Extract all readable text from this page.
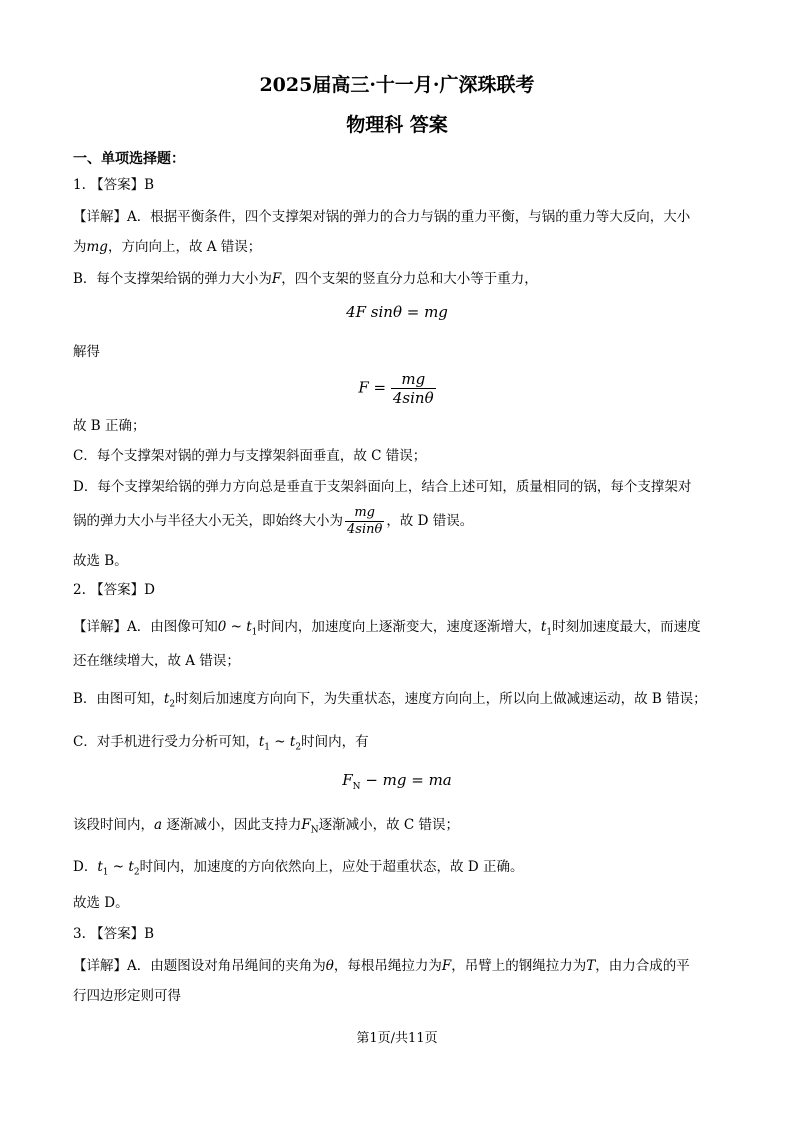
2025届高三·十一月·广深珠联考
物理科 答案
一、单项选择题：
1. 【答案】B
【详解】A．根据平衡条件，四个支撑架对锅的弹力的合力与锅的重力平衡，与锅的重力等大反向，大小
为mg，方向向上，故 A 错误；
B．每个支撑架给锅的弹力大小为F，四个支架的竖直分力总和大小等于重力，
4F sinθ = mg
解得
$F = \frac{mg}{4\sin\theta}$
故 B 正确；
C．每个支撑架对锅的弹力与支撑架斜面垂直，故 C 错误；
D．每个支撑架给锅的弹力方向总是垂直于支架斜面向上，结合上述可知，质量相同的锅，每个支撑架对
锅的弹力大小与半径大小无关，即始终大小为 $\frac{mg}{4\sin\theta}$ ，故 D 错误。
故选 B。
2. 【答案】D
【详解】A．由图像可知0 ~ $t_1$时间内，加速度向上逐渐变大，速度逐渐增大，$t_1$时刻加速度最大，而速度
还在继续增大，故 A 错误；
B．由图可知，$t_2$时刻后加速度方向向下，为失重状态，速度方向向上，所以向上做减速运动，故 B 错误；
C．对手机进行受力分析可知，$t_1$ ~ $t_2$时间内，有
$F_N$ − mg = ma
该段时间内，a 逐渐减小，因此支持力$F_N$逐渐减小，故 C 错误；
D．$t_1$ ~ $t_2$时间内，加速度的方向依然向上，应处于超重状态，故 D 正确。
故选 D。
3. 【答案】B
【详解】A．由题图设对角吊绳间的夹角为θ，每根吊绳拉力为F，吊臂上的钢绳拉力为T，由力合成的平
行四边形定则可得
第1页/共11页
